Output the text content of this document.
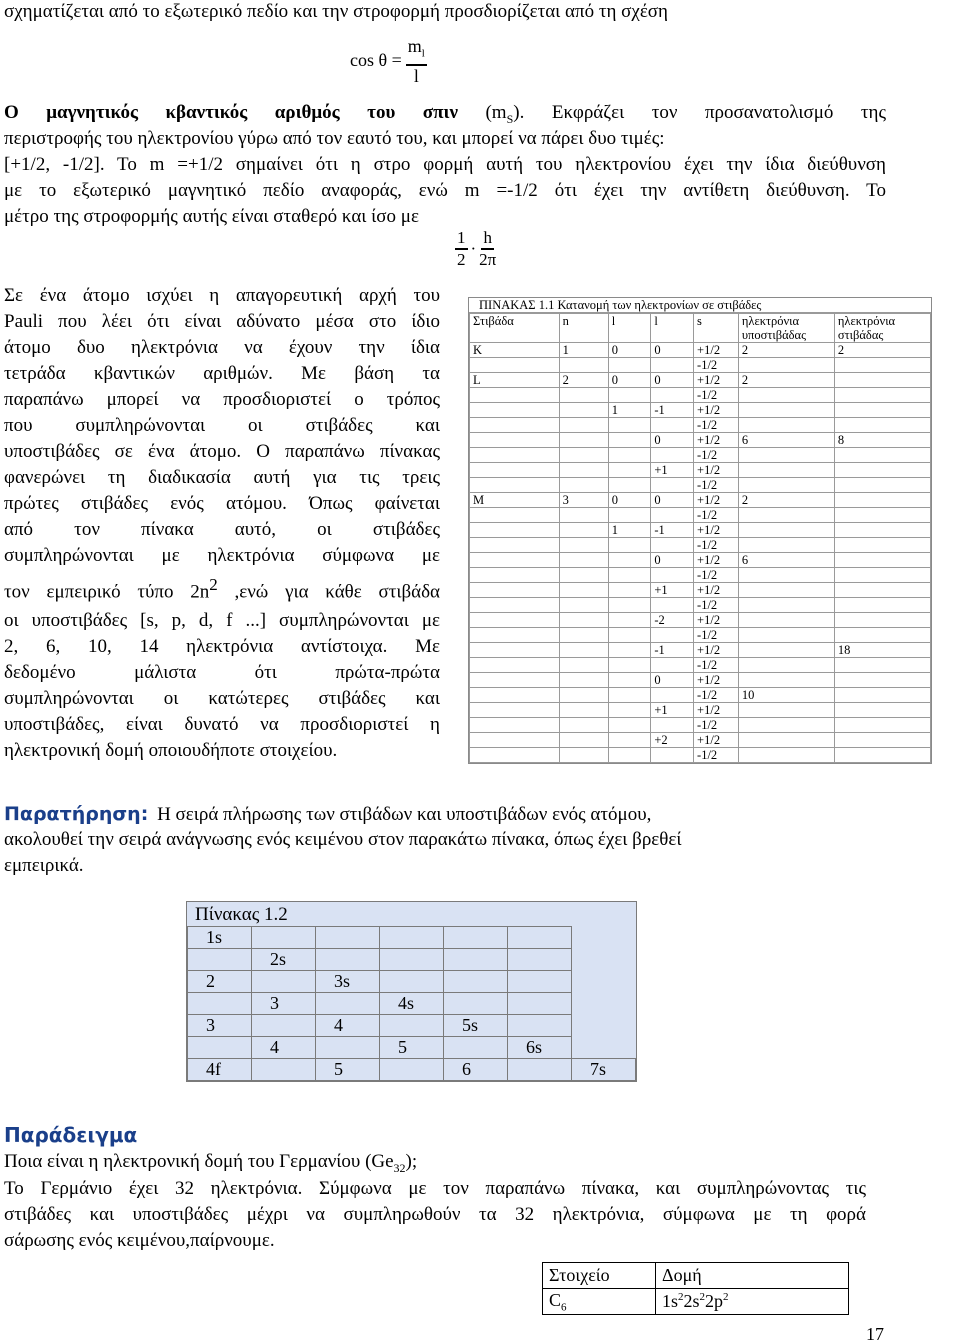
σχηματίζεται από το εξωτερικό πεδίο και την στροφορμή προσδιορίζεται από τη σχέση
$\cos \theta = \frac{m_l}{l}$
Ο μαγνητικός κβαντικός αριθμός του σπιν $(m_S)$. Εκφράζει τον προσανατολισμό της
περιστροφής του ηλεκτρονίου γύρω από τον εαυτό του, και μπορεί να πάρει δυο τιμές:
[+1/2, -1/2]. Το m =+1/2 σημαίνει ότι η στρο φορμή αυτή του ηλεκτρονίου έχει την ίδια διεύθυνση
με το εξωτερικό μαγνητικό πεδίο αναφοράς, ενώ m =-1/2 ότι έχει την αντίθετη διεύθυνση. Το
μέτρο της στροφορμής αυτής είναι σταθερό και ίσο με
$\frac{1}{2} \cdot \frac{h}{2\pi}$
Σε ένα άτομο ισχύει η απαγορευτική αρχή του
Pauli που λέει ότι είναι αδύνατο μέσα στο ίδιο
άτομο δυο ηλεκτρόνια να έχουν την ίδια
τετράδα κβαντικών αριθμών. Με βάση τα
παραπάνω μπορεί να προσδιοριστεί ο τρόπος
που συμπληρώνονται οι στιβάδες και
υποστιβάδες σε ένα άτομο. Ο παραπάνω πίνακας
φανερώνει τη διαδικασία αυτή για τις τρεις
πρώτες στιβάδες ενός ατόμου. Όπως φαίνεται
από τον πίνακα αυτό, οι στιβάδες
συμπληρώνονται με ηλεκτρόνια σύμφωνα με
τον εμπειρικό τύπο $2n^2$ ,ενώ για κάθε στιβάδα
οι υποστιβάδες [s, p, d, f ...] συμπληρώνονται με
2, 6, 10, 14 ηλεκτρόνια αντίστοιχα. Με
δεδομένο μάλιστα ότι πρώτα-πρώτα
συμπληρώνονται οι κατώτερες στιβάδες και
υποστιβάδες, είναι δυνατό να προσδιοριστεί η
ηλεκτρονική δομή οποιουδήποτε στοιχείου.
ΠΙΝΑΚΑΣ 1.1 Κατανομή των ηλεκτρονίων σε στιβάδες
Στιβάδα	n	l	l	s	ηλεκτρόνια υποστιβάδας	ηλεκτρόνια στιβάδας
K	1	0	0	+1/2	2	2
				-1/2		
L	2	0	0	+1/2	2	
				-1/2		
		1	-1	+1/2		
				-1/2		
			0	+1/2	6	8
				-1/2		
			+1	+1/2		
				-1/2		
M	3	0	0	+1/2	2	
				-1/2		
		1	-1	+1/2		
				-1/2		
			0	+1/2	6	
				-1/2		
			+1	+1/2		
				-1/2		
			-2	+1/2		
				-1/2		
			-1	+1/2		18
				-1/2		
			0	+1/2		
				-1/2	10	
			+1	+1/2		
				-1/2		
			+2	+1/2		
				-1/2		
Παρατήρηση: Η σειρά πλήρωσης των στιβάδων και υποστιβάδων ενός ατόμου,
ακολουθεί την σειρά ανάγνωσης ενός κειμένου στον παρακάτω πίνακα, όπως έχει βρεθεί
εμπειρικά.
Πίνακας 1.2
1s						
	2s					
2		3s				
	3		4s			
3		4		5s		
	4		5		6s	
4f		5		6		7s
Παράδειγμα
Ποια είναι η ηλεκτρονική δομή του Γερμανίου $(Ge_{32})$;
Το Γερμάνιο έχει 32 ηλεκτρόνια. Σύμφωνα με τον παραπάνω πίνακα, και συμπληρώνοντας τις
στιβάδες και υποστιβάδες μέχρι να συμπληρωθούν τα 32 ηλεκτρόνια, σύμφωνα με τη φορά
σάρωσης ενός κειμένου,παίρνουμε.
Στοιχείο	Δομή
$C_6$	$1s^22s^22p^2$
17
